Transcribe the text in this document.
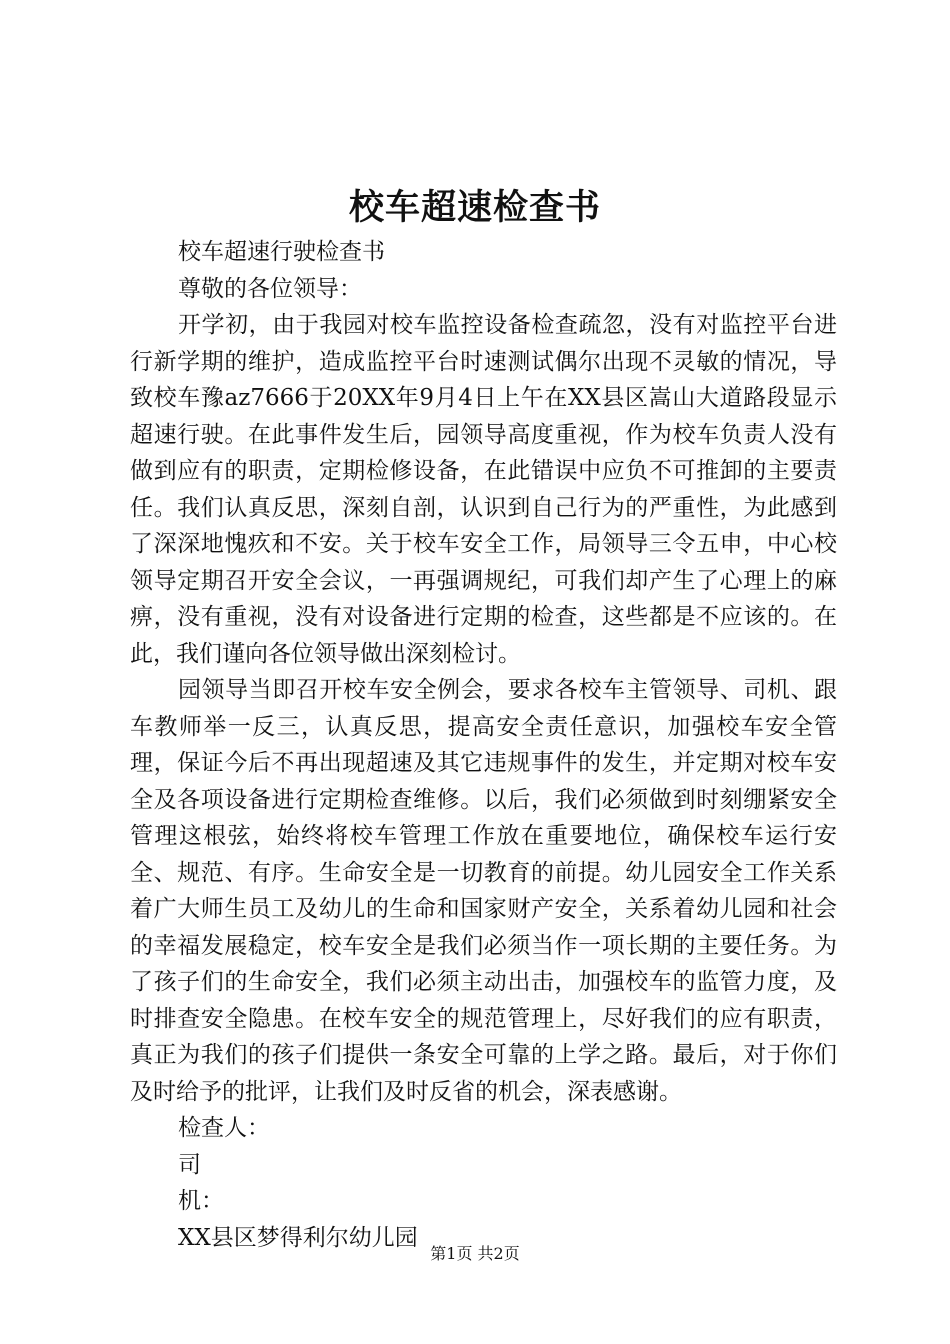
校车超速检查书

校车超速行驶检查书

尊敬的各位领导：

开学初，由于我园对校车监控设备检查疏忽，没有对监控平台进行新学期的维护，造成监控平台时速测试偶尔出现不灵敏的情况，导致校车豫az7666于20XX年9月4日上午在XX县区嵩山大道路段显示超速行驶。在此事件发生后，园领导高度重视，作为校车负责人没有做到应有的职责，定期检修设备，在此错误中应负不可推卸的主要责任。我们认真反思，深刻自剖，认识到自己行为的严重性，为此感到了深深地愧疚和不安。关于校车安全工作，局领导三令五申，中心校领导定期召开安全会议，一再强调规纪，可我们却产生了心理上的麻痹，没有重视，没有对设备进行定期的检查，这些都是不应该的。在此，我们谨向各位领导做出深刻检讨。

园领导当即召开校车安全例会，要求各校车主管领导、司机、跟车教师举一反三，认真反思，提高安全责任意识，加强校车安全管理，保证今后不再出现超速及其它违规事件的发生，并定期对校车安全及各项设备进行定期检查维修。以后，我们必须做到时刻绷紧安全管理这根弦，始终将校车管理工作放在重要地位，确保校车运行安全、规范、有序。生命安全是一切教育的前提。幼儿园安全工作关系着广大师生员工及幼儿的生命和国家财产安全，关系着幼儿园和社会的幸福发展稳定，校车安全是我们必须当作一项长期的主要任务。为了孩子们的生命安全，我们必须主动出击，加强校车的监管力度，及时排查安全隐患。在校车安全的规范管理上，尽好我们的应有职责，真正为我们的孩子们提供一条安全可靠的上学之路。最后，对于你们及时给予的批评，让我们及时反省的机会，深表感谢。

检查人：

司

机：

XX县区梦得利尔幼儿园

第1页 共2页
